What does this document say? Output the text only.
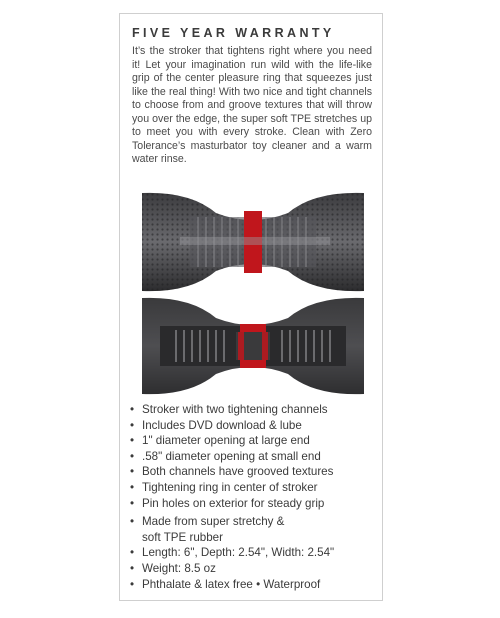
FIVE YEAR WARRANTY
It’s the stroker that tightens right where you need it! Let your imagination run wild with the life-like grip of the center pleasure ring that squeezes just like the real thing! With two nice and tight channels to choose from and groove textures that will throw you over the edge, the super soft TPE stretches up to meet you with every stroke. Clean with Zero Tolerance’s masturbator toy cleaner and a warm water rinse.
• Stroker with two tightening channels
• Includes DVD download & lube
• 1" diameter opening at large end
• .58" diameter opening at small end
• Both channels have grooved textures
• Tightening ring in center of stroker
• Pin holes on exterior for steady grip
• Made from super stretchy &
soft TPE rubber
• Length: 6", Depth: 2.54", Width: 2.54"
• Weight: 8.5 oz
• Phthalate & latex free • Waterproof
